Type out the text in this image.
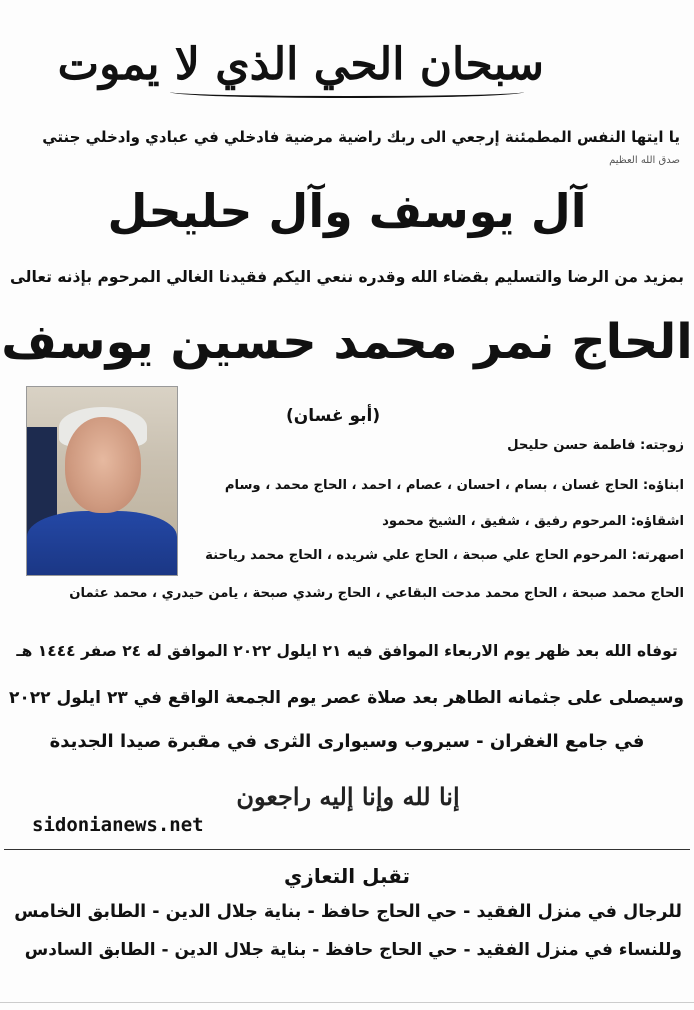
سبحان الحي الذي لا يموت
يا ايتها النفس المطمئنة إرجعي الى ربك راضية مرضية فادخلي في عبادي وادخلي جنتي
صدق الله العظيم
آل يوسف وآل حليحل
بمزيد من الرضا والتسليم بقضاء الله وقدره ننعي اليكم فقيدنا الغالي المرحوم بإذنه تعالى
الحاج نمر محمد حسين يوسف
(أبو غسان)
زوجته: فاطمة حسن حليحل
ابناؤه: الحاج غسان ، بسام ، احسان ، عصام ، احمد ، الحاج محمد ، وسام
اشقاؤه: المرحوم رفيق ، شفيق ، الشيخ محمود
اصهرته: المرحوم الحاج علي صبحة ، الحاج علي شريده ، الحاج محمد رياحنة
الحاج محمد صبحة ، الحاج محمد مدحت البقاعي ، الحاج رشدي صبحة ، يامن حيدري ، محمد عثمان
توفاه الله بعد ظهر يوم الاربعاء الموافق فيه ٢١ ايلول ٢٠٢٢ الموافق له ٢٤ صفر ١٤٤٤ هـ
وسيصلى على جثمانه الطاهر بعد صلاة عصر يوم الجمعة الواقع في ٢٣ ايلول ٢٠٢٢
في جامع الغفران - سيروب وسيوارى الثرى في مقبرة صيدا الجديدة
إنا لله وإنا إليه راجعون
sidonianews.net
تقبل التعازي
للرجال في منزل الفقيد - حي الحاج حافظ - بناية جلال الدين - الطابق الخامس
وللنساء في منزل الفقيد - حي الحاج حافظ - بناية جلال الدين - الطابق السادس
